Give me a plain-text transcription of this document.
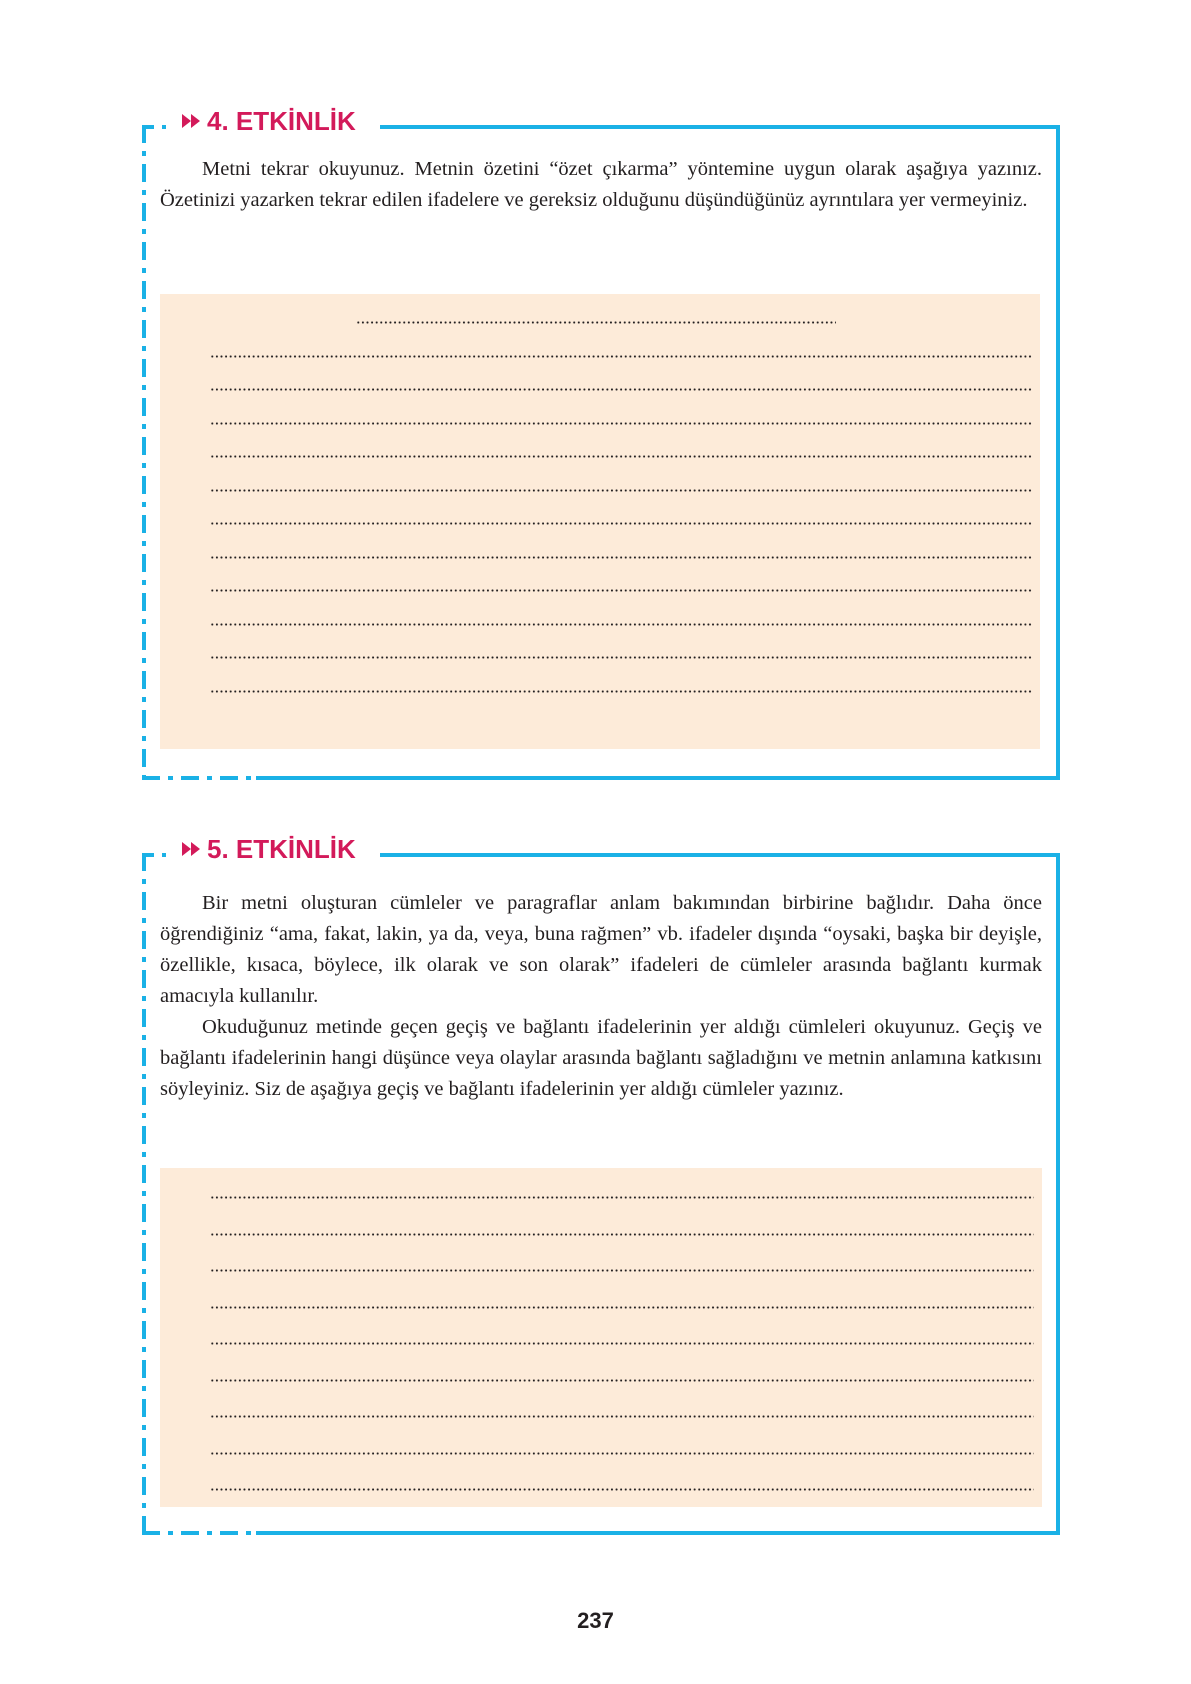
4. ETKİNLİK

Metni tekrar okuyunuz. Metnin özetini “özet çıkarma” yöntemine uygun olarak aşağıya yazınız. Özetinizi yazarken tekrar edilen ifadelere ve gereksiz olduğunu düşündüğünüz ayrıntılara yer vermeyiniz.

5. ETKİNLİK

Bir metni oluşturan cümleler ve paragraflar anlam bakımından birbirine bağlıdır. Daha önce öğrendiğiniz “ama, fakat, lakin, ya da, veya, buna rağmen” vb. ifadeler dışında “oysaki, başka bir deyişle, özellikle, kısaca, böylece, ilk olarak ve son olarak” ifadeleri de cümleler arasında bağlantı kurmak amacıyla kullanılır.

Okuduğunuz metinde geçen geçiş ve bağlantı ifadelerinin yer aldığı cümleleri okuyunuz. Geçiş ve bağlantı ifadelerinin hangi düşünce veya olaylar arasında bağlantı sağladığını ve metnin anlamına katkısını söyleyiniz. Siz de aşağıya geçiş ve bağlantı ifadelerinin yer aldığı cümleler yazınız.

237
